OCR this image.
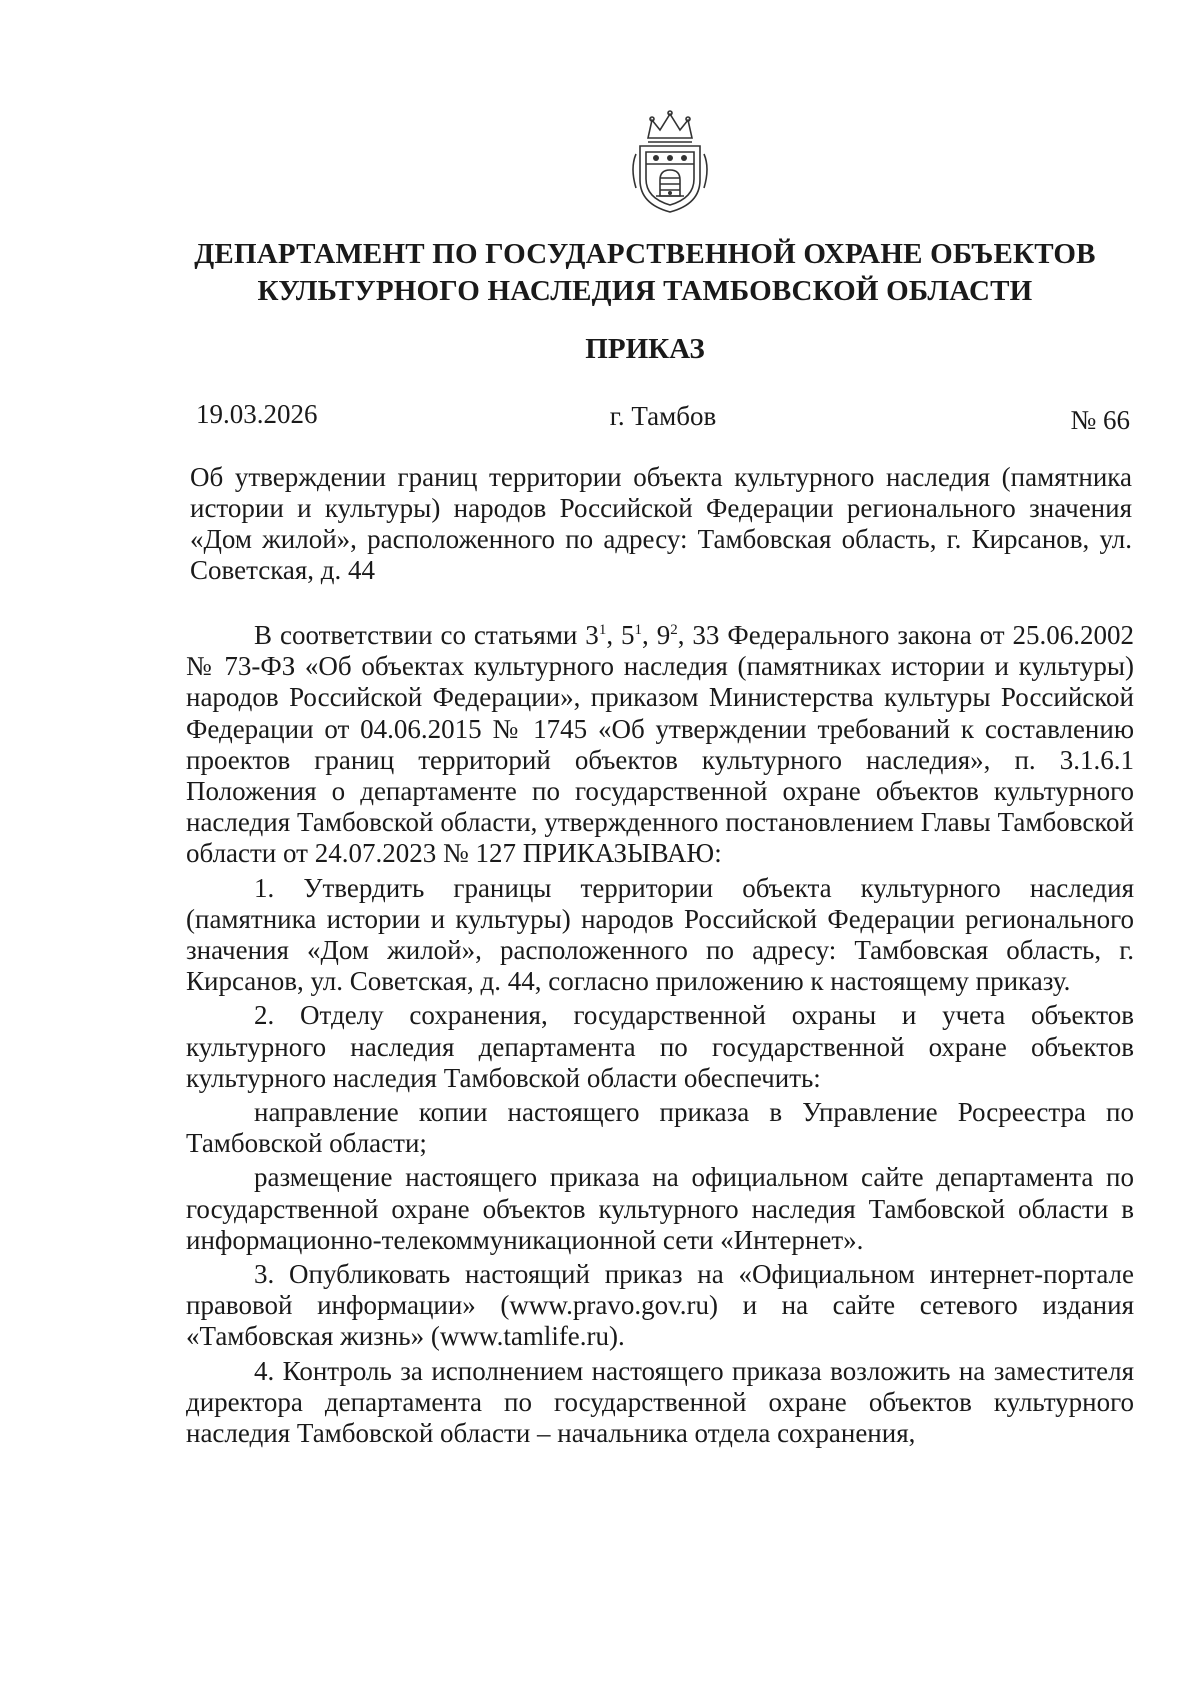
ДЕПАРТАМЕНТ ПО ГОСУДАРСТВЕННОЙ ОХРАНЕ ОБЪЕКТОВ
КУЛЬТУРНОГО НАСЛЕДИЯ ТАМБОВСКОЙ ОБЛАСТИ
ПРИКАЗ
19.03.2026	г. Тамбов	№ 66
Об утверждении границ территории объекта культурного наследия (памятника истории и культуры) народов Российской Федерации регионального значения «Дом жилой», расположенного по адресу: Тамбовская область, г. Кирсанов, ул. Советская, д. 44

В соответствии со статьями $3^1$, $5^1$, $9^2$, 33 Федерального закона от 25.06.2002 № 73-ФЗ «Об объектах культурного наследия (памятниках истории и культуры) народов Российской Федерации», приказом Министерства культуры Российской Федерации от 04.06.2015 № 1745 «Об утверждении требований к составлению проектов границ территорий объектов культурного наследия», п. 3.1.6.1 Положения о департаменте по государственной охране объектов культурного наследия Тамбовской области, утвержденного постановлением Главы Тамбовской области от 24.07.2023 № 127 ПРИКАЗЫВАЮ:

1. Утвердить границы территории объекта культурного наследия (памятника истории и культуры) народов Российской Федерации регионального значения «Дом жилой», расположенного по адресу: Тамбовская область, г. Кирсанов, ул. Советская, д. 44, согласно приложению к настоящему приказу.

2. Отделу сохранения, государственной охраны и учета объектов культурного наследия департамента по государственной охране объектов культурного наследия Тамбовской области обеспечить:

направление копии настоящего приказа в Управление Росреестра по Тамбовской области;

размещение настоящего приказа на официальном сайте департамента по государственной охране объектов культурного наследия Тамбовской области в информационно-телекоммуникационной сети «Интернет».

3. Опубликовать настоящий приказ на «Официальном интернет-портале правовой информации» (www.pravo.gov.ru) и на сайте сетевого издания «Тамбовская жизнь» (www.tamlife.ru).

4. Контроль за исполнением настоящего приказа возложить на заместителя директора департамента по государственной охране объектов культурного наследия Тамбовской области – начальника отдела сохранения,
